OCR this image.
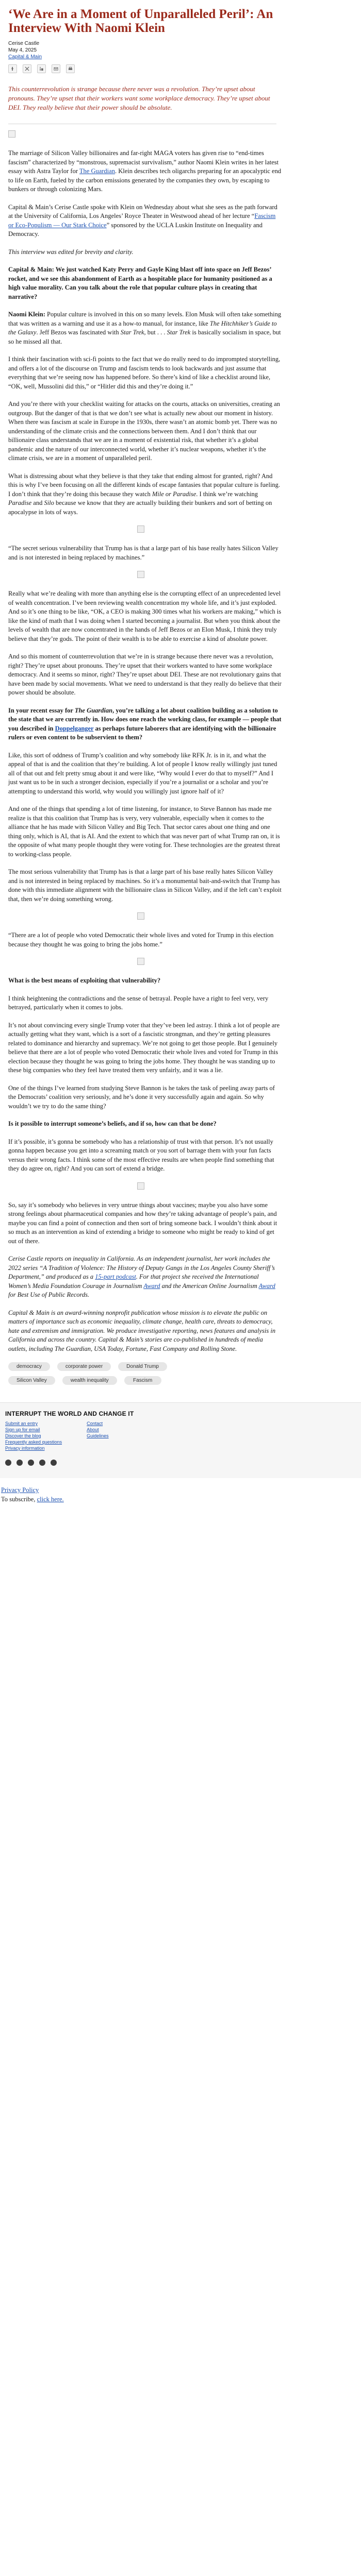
‘We Are in a Moment of Unparalleled Peril’: An Interview With Naomi Klein
Cerise Castle
May 4, 2025
Capital & Main

This counterrevolution is strange because there never was a revolution. They’re upset about pronouns. They’re upset that their workers want some workplace democracy. They’re upset about DEI. They really believe that their power should be absolute.

The marriage of Silicon Valley billionaires and far-right MAGA voters has given rise to “end-times fascism” characterized by “monstrous, supremacist survivalism,” author Naomi Klein writes in her latest essay with Astra Taylor for The Guardian. Klein describes tech oligarchs preparing for an apocalyptic end to life on Earth, fueled by the carbon emissions generated by the companies they own, by escaping to bunkers or through colonizing Mars.

Capital & Main’s Cerise Castle spoke with Klein on Wednesday about what she sees as the path forward at the University of California, Los Angeles’ Royce Theater in Westwood ahead of her lecture “Fascism or Eco-Populism — Our Stark Choice” sponsored by the UCLA Luskin Institute on Inequality and Democracy.

This interview was edited for brevity and clarity.

Capital & Main: We just watched Katy Perry and Gayle King blast off into space on Jeff Bezos’ rocket, and we see this abandonment of Earth as a hospitable place for humanity positioned as a high value morality. Can you talk about the role that popular culture plays in creating that narrative?

Naomi Klein: Popular culture is involved in this on so many levels. Elon Musk will often take something that was written as a warning and use it as a how-to manual, for instance, like The Hitchhiker’s Guide to the Galaxy. Jeff Bezos was fascinated with Star Trek, but . . . Star Trek is basically socialism in space, but so he missed all that.

I think their fascination with sci-fi points to the fact that we do really need to do imprompted storytelling, and offers a lot of the discourse on Trump and fascism tends to look backwards and just assume that everything that we’re seeing now has happened before. So there’s kind of like a checklist around like, “OK, well, Mussolini did this,” or “Hitler did this and they’re doing it.”

And you’re there with your checklist waiting for attacks on the courts, attacks on universities, creating an outgroup. But the danger of that is that we don’t see what is actually new about our moment in history. When there was fascism at scale in Europe in the 1930s, there wasn’t an atomic bomb yet. There was no understanding of the climate crisis and the connections between them. And I don’t think that our billionaire class understands that we are in a moment of existential risk, that whether it’s a global pandemic and the nature of our interconnected world, whether it’s nuclear weapons, whether it’s the climate crisis, we are in a moment of unparalleled peril.

What is distressing about what they believe is that they take that ending almost for granted, right? And this is why I’ve been focusing on all the different kinds of escape fantasies that popular culture is fueling. I don’t think that they’re doing this because they watch Mile or Paradise. I think we’re watching Paradise and Silo because we know that they are actually building their bunkers and sort of betting on apocalypse in lots of ways.

“The secret serious vulnerability that Trump has is that a large part of his base really hates Silicon Valley and is not interested in being replaced by machines.”

Really what we’re dealing with more than anything else is the corrupting effect of an unprecedented level of wealth concentration. I’ve been reviewing wealth concentration my whole life, and it’s just exploded. And so it’s one thing to be like, “OK, a CEO is making 300 times what his workers are making,” which is like the kind of math that I was doing when I started becoming a journalist. But when you think about the levels of wealth that are now concentrated in the hands of Jeff Bezos or an Elon Musk, I think they truly believe that they’re gods. The point of their wealth is to be able to exercise a kind of absolute power.

And so this moment of counterrevolution that we’re in is strange because there never was a revolution, right? They’re upset about pronouns. They’re upset that their workers wanted to have some workplace democracy. And it seems so minor, right? They’re upset about DEI. These are not revolutionary gains that have been made by social movements. What we need to understand is that they really do believe that their power should be absolute.

In your recent essay for The Guardian, you’re talking a lot about coalition building as a solution to the state that we are currently in. How does one reach the working class, for example — people that you described in Doppelganger as perhaps future laborers that are identifying with the billionaire rulers or even content to be subservient to them?

Like, this sort of oddness of Trump’s coalition and why somebody like RFK Jr. is in it, and what the appeal of that is and the coalition that they’re building. A lot of people I know really willingly just tuned all of that out and felt pretty smug about it and were like, “Why would I ever do that to myself?” And I just want us to be in such a stronger decision, especially if you’re a journalist or a scholar and you’re attempting to understand this world, why would you willingly just ignore half of it?

And one of the things that spending a lot of time listening, for instance, to Steve Bannon has made me realize is that this coalition that Trump has is very, very vulnerable, especially when it comes to the alliance that he has made with Silicon Valley and Big Tech. That sector cares about one thing and one thing only, which is AI, that is AI. And the extent to which that was never part of what Trump ran on, it is the opposite of what many people thought they were voting for. These technologies are the greatest threat to working-class people.

The most serious vulnerability that Trump has is that a large part of his base really hates Silicon Valley and is not interested in being replaced by machines. So it’s a monumental bait-and-switch that Trump has done with this immediate alignment with the billionaire class in Silicon Valley, and if the left can’t exploit that, then we’re doing something wrong.

“There are a lot of people who voted Democratic their whole lives and voted for Trump in this election because they thought he was going to bring the jobs home.”

What is the best means of exploiting that vulnerability?

I think heightening the contradictions and the sense of betrayal. People have a right to feel very, very betrayed, particularly when it comes to jobs.

It’s not about convincing every single Trump voter that they’ve been led astray. I think a lot of people are actually getting what they want, which is a sort of a fascistic strongman, and they’re getting pleasures related to dominance and hierarchy and supremacy. We’re not going to get those people. But I genuinely believe that there are a lot of people who voted Democratic their whole lives and voted for Trump in this election because they thought he was going to bring the jobs home. They thought he was standing up to these big companies who they feel have treated them very unfairly, and it was a lie.

One of the things I’ve learned from studying Steve Bannon is he takes the task of peeling away parts of the Democrats’ coalition very seriously, and he’s done it very successfully again and again. So why wouldn’t we try to do the same thing?

Is it possible to interrupt someone’s beliefs, and if so, how can that be done?

If it’s possible, it’s gonna be somebody who has a relationship of trust with that person. It’s not usually gonna happen because you get into a screaming match or you sort of barrage them with your fun facts versus their wrong facts. I think some of the most effective results are when people find something that they do agree on, right? And you can sort of extend a bridge.

So, say it’s somebody who believes in very untrue things about vaccines; maybe you also have some strong feelings about pharmaceutical companies and how they’re taking advantage of people’s pain, and maybe you can find a point of connection and then sort of bring someone back. I wouldn’t think about it so much as an intervention as kind of extending a bridge to someone who might be ready to kind of get out of there.

Cerise Castle reports on inequality in California. As an independent journalist, her work includes the 2022 series “A Tradition of Violence: The History of Deputy Gangs in the Los Angeles County Sheriff’s Department,” and produced as a 15-part podcast. For that project she received the International Women’s Media Foundation Courage in Journalism Award and the American Online Journalism Award for Best Use of Public Records.

Capital & Main is an award-winning nonprofit publication whose mission is to elevate the public on matters of importance such as economic inequality, climate change, health care, threats to democracy, hate and extremism and immigration. We produce investigative reporting, news features and analysis in California and across the country. Capital & Main’s stories are co-published in hundreds of media outlets, including The Guardian, USA Today, Fortune, Fast Company and Rolling Stone.

democracy	corporate power	Donald Trump
Silicon Valley	wealth inequality	Fascism
INTERRUPT THE WORLD AND CHANGE IT
Submit an entry
Sign up for email
Discover the blog
Frequently asked questions
Privacy information
Contact
About
Guidelines
Privacy Policy
To subscribe, click here.
